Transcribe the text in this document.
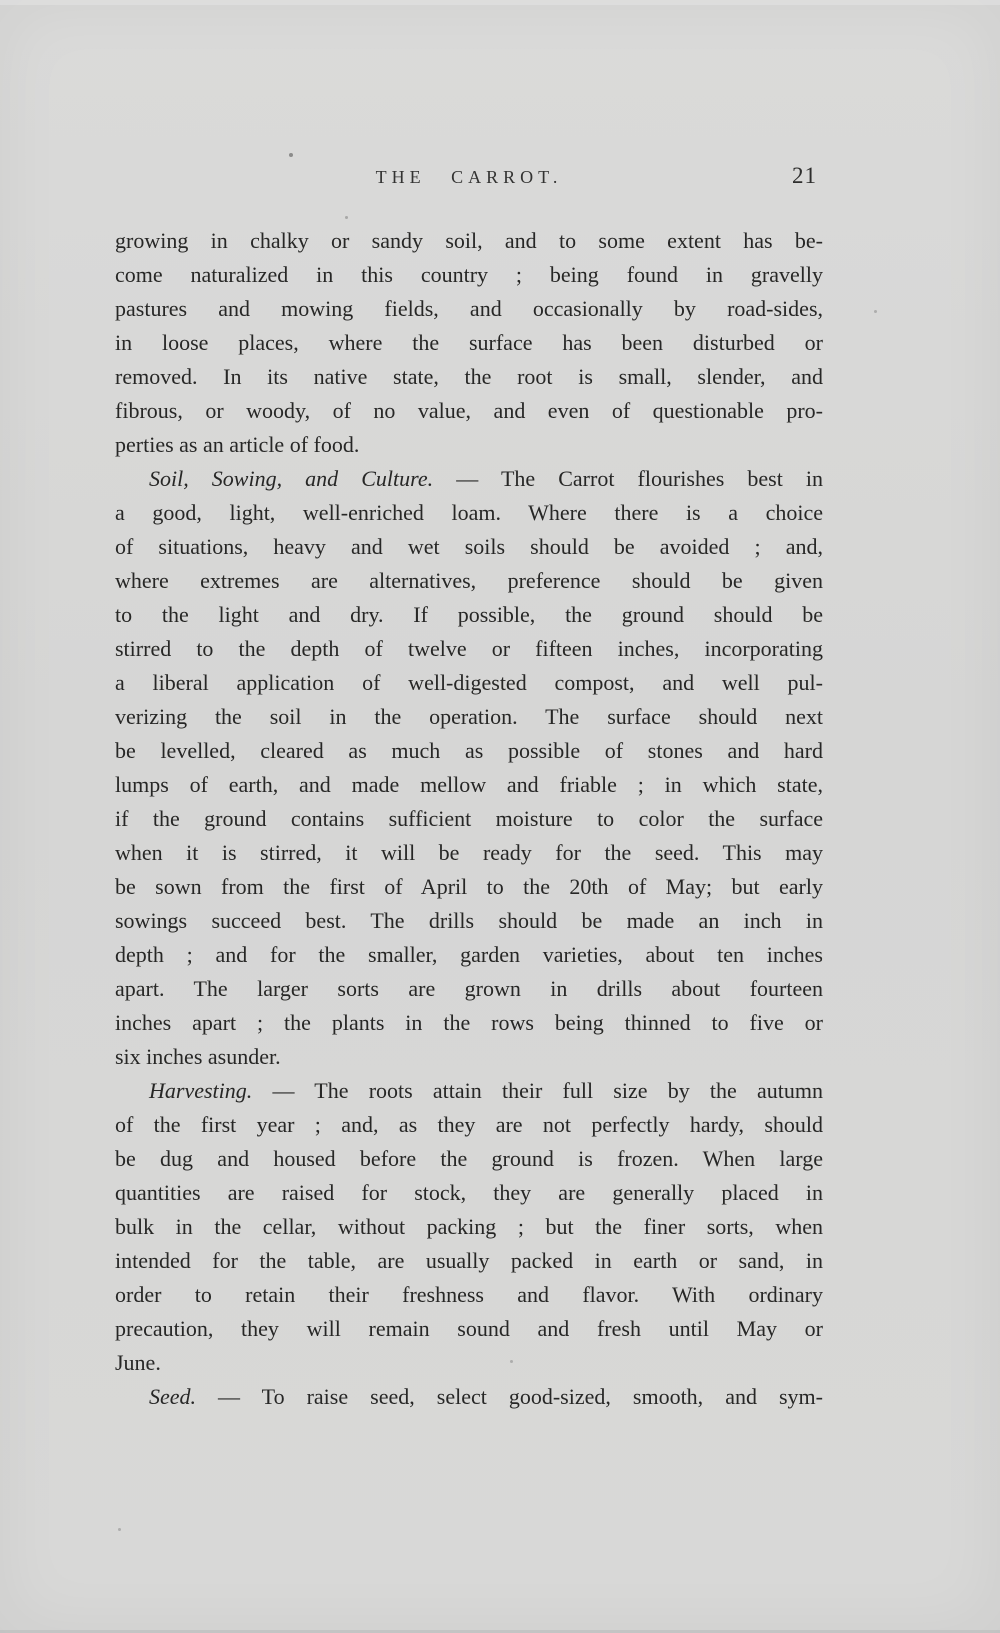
THE CARROT.	21
growing in chalky or sandy soil, and to some extent has be-
come naturalized in this country ; being found in gravelly
pastures and mowing fields, and occasionally by road-sides,
in loose places, where the surface has been disturbed or
removed. In its native state, the root is small, slender, and
fibrous, or woody, of no value, and even of questionable pro-
perties as an article of food.
Soil, Sowing, and Culture. — The Carrot flourishes best in
a good, light, well-enriched loam. Where there is a choice
of situations, heavy and wet soils should be avoided ; and,
where extremes are alternatives, preference should be given
to the light and dry. If possible, the ground should be
stirred to the depth of twelve or fifteen inches, incorporating
a liberal application of well-digested compost, and well pul-
verizing the soil in the operation. The surface should next
be levelled, cleared as much as possible of stones and hard
lumps of earth, and made mellow and friable ; in which state,
if the ground contains sufficient moisture to color the surface
when it is stirred, it will be ready for the seed. This may
be sown from the first of April to the 20th of May; but early
sowings succeed best. The drills should be made an inch in
depth ; and for the smaller, garden varieties, about ten inches
apart. The larger sorts are grown in drills about fourteen
inches apart ; the plants in the rows being thinned to five or
six inches asunder.
Harvesting. — The roots attain their full size by the autumn
of the first year ; and, as they are not perfectly hardy, should
be dug and housed before the ground is frozen. When large
quantities are raised for stock, they are generally placed in
bulk in the cellar, without packing ; but the finer sorts, when
intended for the table, are usually packed in earth or sand, in
order to retain their freshness and flavor. With ordinary
precaution, they will remain sound and fresh until May or
June.
Seed. — To raise seed, select good-sized, smooth, and sym-
